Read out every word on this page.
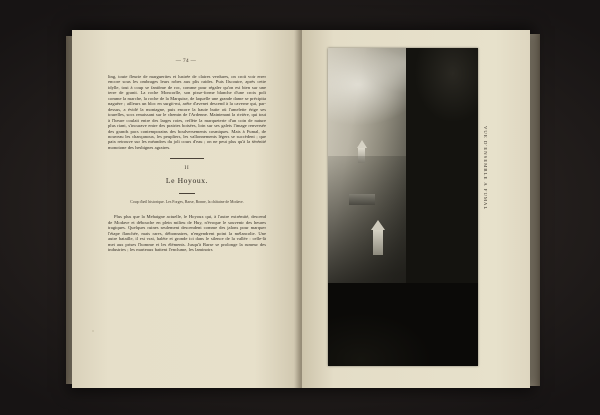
— 74 —

ling, toute fleurie de marguerites et lustrée de claires verdures, on croit voir errer encore sous les ombrages leurs robes aux plis raides. Puis Ilscoutre, après cette idylle, tout à coup se fantôme de roc, comme pour régaler qu'on est bien sur une terre de granit. La roche Moncorlle, son pisse-forme blanche d'une croix poli comme la marche, la roche de la Marquise, de laquelle une grande dame se précipita naguère ; ailleurs un bloc en surgit-mi, arête d'avenet descend à la caverne qui, par-dessus, a évidé la montagne, puis encore la haute butte où l'amelette érige ses tourelles, socs renaissant sur le chemin de l'Ardenne. Maintenant la rivière, qui tout à l'heure coulait entre des larges roies, reflète la marqueterie d'un coin de nature plus riant, s'incurave entre des prairies boisées, loin sur ses galets l'image renversée des grands pacs contemporains des boulversements cosmiques. Mais à Fumal, de nouveau les chançanoux, les peupliers, les vallonnements légers se succèdent ; que paix retrouve sur les méandres du joli cours d'eau ; on ne peut plus qu'à la sérénité monotone des hesbignes agraires.

II
Le Hoyoux.
Coup d'œil historique. Les Forges, Barse, Bonne, la châtaine de Modave.

Plus plus que la Mehaigne actuelle, le Hoyoux qui, à l'autre extrémité, descend de Modave et débouche en plein milieu de Huy, n'évoque le souvenir des heures tragiques. Quelques ruines seulement descendent comme des jalons pour marquer l'étape flanchée, mais rares, débonnaires, n'engendrent point la mélancolie. Une autre bataille, il est vrai, halète et gronde ici dans le silence de la vallée : celle-là met aux prises l'homme et les éléments. Jusqu'à Barse se prolonge la rumeur des industries ; les marteaux battent l'enclume, les laminoirs

VUE D'ENSEMBLE A FUMAL
